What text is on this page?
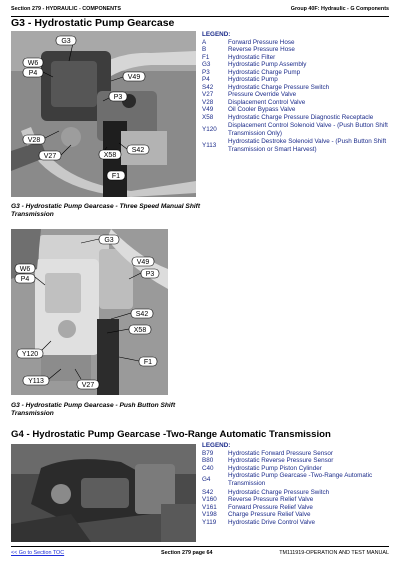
Section 279 - HYDRAULIC - COMPONENTS	Group 40F: Hydraulic - G Components
G3 - Hydrostatic Pump Gearcase
G3
W6
P4
V49
P3
V28
S42
V27	X58
F1
LEGEND:
A	Forward Pressure Hose
B	Reverse Pressure Hose
F1	Hydrostatic Filter
G3	Hydrostatic Pump Assembly
P3	Hydrostatic Charge Pump
P4	Hydrostatic Pump
S42 Hydrostatic Charge Pressure Switch
V27 Pressure Override Valve
V28 Displacement Control Valve
V49 Oil Cooler Bypass Valve
X58 Hydrostatic Charge Pressure Diagnostic Receptacle
Y120
Displacement Control Solenoid Valve - (Push Button Shift Transmission Only)
Y113
Hydrostatic Destroke Solenoid Valve - (Push Button Shift Transmission or Smart Harvest)
G3 - Hydrostatic Pump Gearcase - Three Speed Manual Shift Transmission
G3
V49
W6
P4
P3
S42
X58
Y120
F1
Y113
V27
G3 - Hydrostatic Pump Gearcase - Push Button Shift Transmission
G4 - Hydrostatic Pump Gearcase -Two-Range Automatic Transmission
LEGEND:
B79 Hydrostatic Forward Pressure Sensor
B80 Hydrostatic Reverse Pressure Sensor
C40 Hydrostatic Pump Piston Cylinder
G4
Hydrostatic Pump Gearcase -Two-Range Automatic Transmission
S42 Hydrostatic Charge Pressure Switch
V160 Reverse Pressure Relief Valve
V161 Forward Pressure Relief Valve
V198 Charge Pressure Relief Valve
Y119 Hydrostatic Drive Control Valve
<< Go to Section TOC	Section 279 page 64	TM111919-OPERATION AND TEST MANUAL
